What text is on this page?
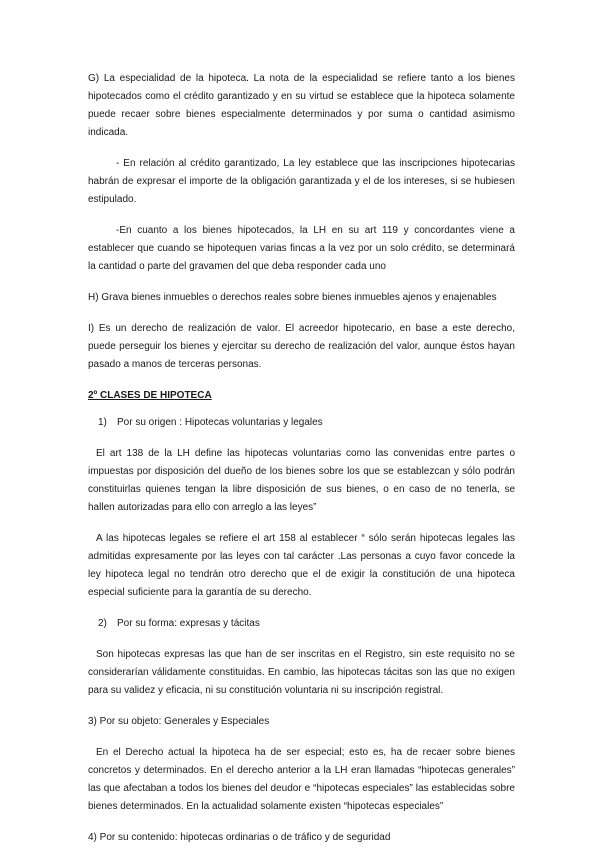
G) La especialidad de la hipoteca. La nota de la especialidad se refiere tanto a los bienes hipotecados como el crédito garantizado y en su virtud se establece que la hipoteca solamente puede recaer sobre bienes especialmente determinados y por suma o cantidad asimismo indicada.

- En relación al crédito garantizado, La ley establece que las inscripciones hipotecarias habrán de expresar el importe de la obligación garantizada y el de los intereses, si se hubiesen estipulado.

-En cuanto a los bienes hipotecados, la LH en su art 119 y concordantes viene a establecer que cuando se hipotequen varias fincas a la vez por un solo crédito, se determinará la cantidad o parte del gravamen del que deba responder cada uno

H) Grava bienes inmuebles o derechos reales sobre bienes inmuebles ajenos y enajenables

I) Es un derecho de realización de valor. El acreedor hipotecario, en base a este derecho, puede perseguir los bienes y ejercitar su derecho de realización del valor, aunque éstos hayan pasado a manos de terceras personas.

2º CLASES DE HIPOTECA

1) Por su origen : Hipotecas voluntarias y legales

El art 138 de la LH define las hipotecas voluntarias como las convenidas entre partes o impuestas por disposición del dueño de los bienes sobre los que se establezcan y sólo podrán constituirlas quienes tengan la libre disposición de sus bienes, o en caso de no tenerla, se hallen autorizadas para ello con arreglo a las leyes”

A las hipotecas legales se refiere el art 158 al establecer “ sólo serán hipotecas legales las admitidas expresamente por las leyes con tal carácter .Las personas a cuyo favor concede la ley hipoteca legal no tendrán otro derecho que el de exigir la constitución de una hipoteca especial suficiente para la garantía de su derecho.

2) Por su forma: expresas y tácitas

Son hipotecas expresas las que han de ser inscritas en el Registro, sin este requisito no se considerarían válidamente constituidas. En cambio, las hipotecas tácitas son las que no exigen para su validez y eficacia, ni su constitución voluntaria ni su inscripción registral.

3) Por su objeto: Generales y Especiales

En el Derecho actual la hipoteca ha de ser especial; esto es, ha de recaer sobre bienes concretos y determinados. En el derecho anterior a la LH eran llamadas “hipotecas generales” las que afectaban a todos los bienes del deudor e “hipotecas especiales” las establecidas sobre bienes determinados. En la actualidad solamente existen “hipotecas especiales”

4) Por su contenido: hipotecas ordinarias o de tráfico y de seguridad
